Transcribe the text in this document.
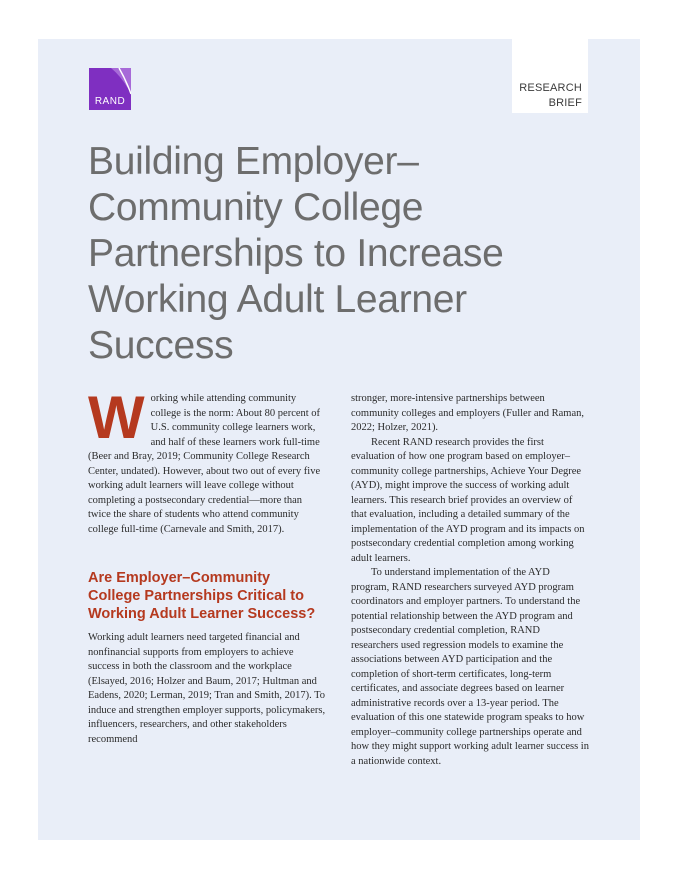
RESEARCH
BRIEF
RAND
Building Employer–
Community College
Partnerships to Increase
Working Adult Learner
Success

Working while attending community college is the norm: About 80 percent of U.S. community college learners work, and half of these learners work full-time (Beer and Bray, 2019; Community College Research Center, undated). However, about two out of every five working adult learners will leave college without completing a postsecondary credential—more than twice the share of students who attend community college full-time (Carnevale and Smith, 2017).

Are Employer–Community College Partnerships Critical to Working Adult Learner Success?

Working adult learners need targeted financial and nonfinancial supports from employers to achieve success in both the classroom and the workplace (Elsayed, 2016; Holzer and Baum, 2017; Hultman and Eadens, 2020; Lerman, 2019; Tran and Smith, 2017). To induce and strengthen employer supports, policymakers, influencers, researchers, and other stakeholders recommend

stronger, more-intensive partnerships between community colleges and employers (Fuller and Raman, 2022; Holzer, 2021).

Recent RAND research provides the first evaluation of how one program based on employer–community college partnerships, Achieve Your Degree (AYD), might improve the success of working adult learners. This research brief provides an overview of that evaluation, including a detailed summary of the implementation of the AYD program and its impacts on postsecondary credential completion among working adult learners.

To understand implementation of the AYD program, RAND researchers surveyed AYD program coordinators and employer partners. To understand the potential relationship between the AYD program and postsecondary credential completion, RAND researchers used regression models to examine the associations between AYD participation and the completion of short-term certificates, long-term certificates, and associate degrees based on learner administrative records over a 13-year period. The evaluation of this one statewide program speaks to how employer–community college partnerships operate and how they might support working adult learner success in a nationwide context.
